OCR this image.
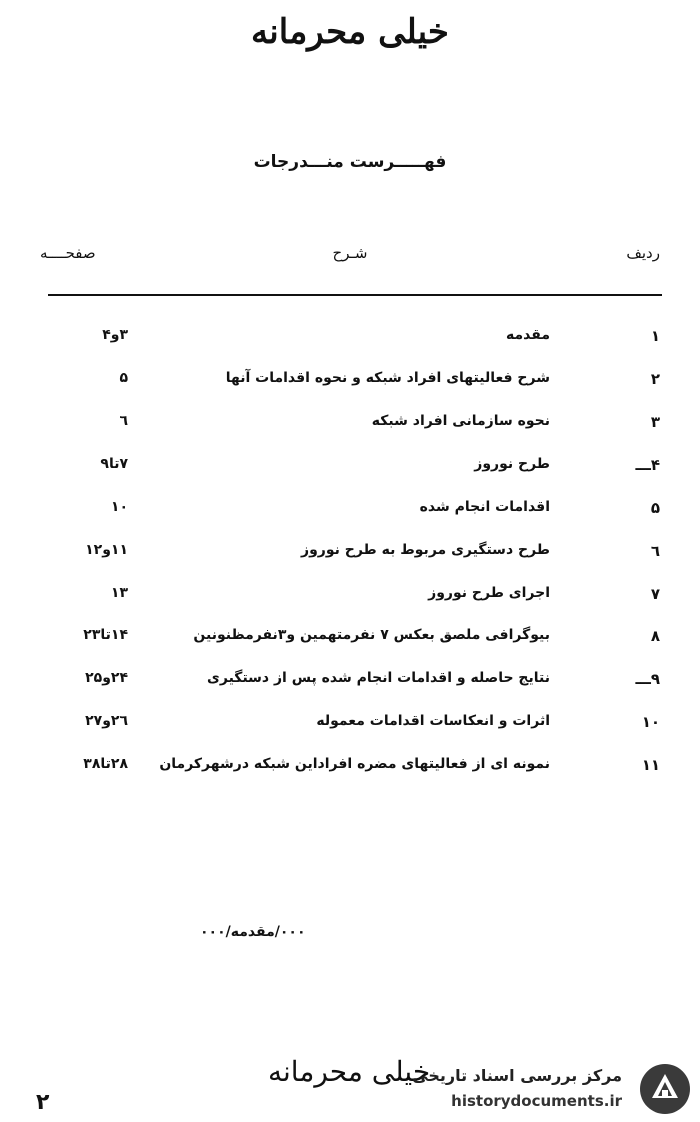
خیلی محرمانه
فهـــــرست منـــدرجات
ردیف
شـرح
صفحــــه
۱
مقدمه
۳و۴
۲
شرح فعالیتهای افراد شبکه و نحوه اقدامات آنها
۵
۳
نحوه سازمانی افراد شبکه
٦
۴ـــ
طرح نوروز
۷تا۹
۵
اقدامات انجام شده
۱۰
٦
طرح دستگیری مربوط به طرح نوروز
۱۱و۱۲
۷
اجرای طرح نوروز
۱۳
۸
بیوگرافی ملصق بعکس ۷ نفرمتهمین و۳نفرمظنونین
۱۴تا۲۳
۹ـــ
نتایج حاصله و اقدامات انجام شده پس از دستگیری
۲۴و۲۵
۱۰
اثرات و انعکاسات اقدامات معموله
۲٦و۲۷
۱۱
نمونه ای از فعالیتهای مضره افراداین شبکه درشهرکرمان
۲۸تا۳۸
۰۰۰/مقدمه/۰۰۰
خیلی محرمانه
۲
مرکز بررسی اسناد تاریخی
historydocuments.ir
